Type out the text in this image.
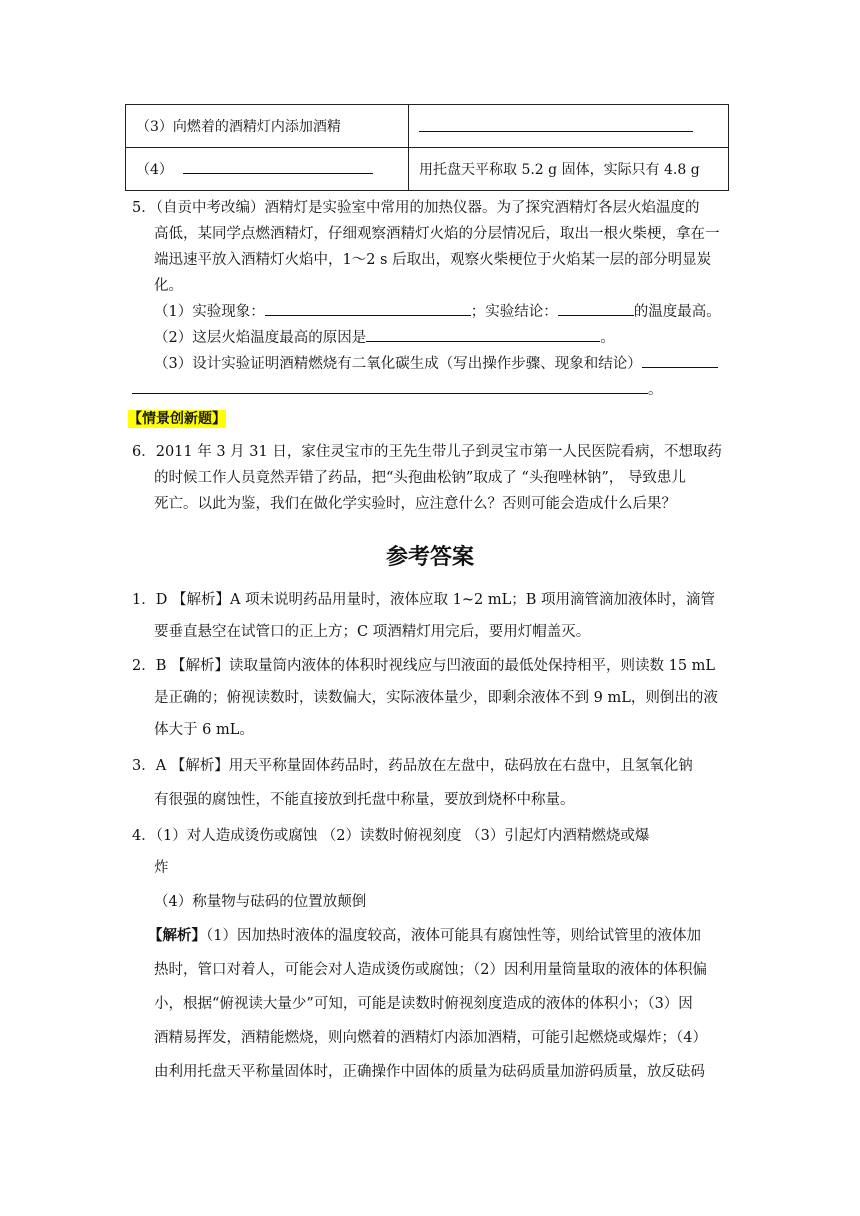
（3）向燃着的酒精灯内添加酒精	
（4）	用托盘天平称取 5.2 g 固体，实际只有 4.8 g
5．（自贡中考改编）酒精灯是实验室中常用的加热仪器。为了探究酒精灯各层火焰温度的
高低，某同学点燃酒精灯，仔细观察酒精灯火焰的分层情况后，取出一根火柴梗，拿在一
端迅速平放入酒精灯火焰中，1～2 s 后取出，观察火柴梗位于火焰某一层的部分明显炭
化。
（1）实验现象：	；实验结论：	的温度最高。
（2）这层火焰温度最高的原因是	。
（3）设计实验证明酒精燃烧有二氧化碳生成（写出操作步骤、现象和结论）
。
【情景创新题】
6．2011 年 3 月 31 日，家住灵宝市的王先生带儿子到灵宝市第一人民医院看病，不想取药
的时候工作人员竟然弄错了药品，把“头孢曲松钠”取成了 “头孢唑林钠”， 导致患儿
死亡。以此为鉴，我们在做化学实验时，应注意什么？否则可能会造成什么后果？
参考答案
1．D 【解析】A 项未说明药品用量时，液体应取 1~2 mL；B 项用滴管滴加液体时，滴管
要垂直悬空在试管口的正上方；C 项酒精灯用完后，要用灯帽盖灭。
2．B 【解析】读取量筒内液体的体积时视线应与凹液面的最低处保持相平，则读数 15 mL
是正确的；俯视读数时，读数偏大，实际液体量少，即剩余液体不到 9 mL，则倒出的液
体大于 6 mL。
3．A 【解析】用天平称量固体药品时，药品放在左盘中，砝码放在右盘中，且氢氧化钠
有很强的腐蚀性，不能直接放到托盘中称量，要放到烧杯中称量。
4．（1）对人造成烫伤或腐蚀 （2）读数时俯视刻度 （3）引起灯内酒精燃烧或爆
炸
（4）称量物与砝码的位置放颠倒
【解析】（1）因加热时液体的温度较高，液体可能具有腐蚀性等，则给试管里的液体加
热时，管口对着人，可能会对人造成烫伤或腐蚀；（2）因利用量筒量取的液体的体积偏
小，根据“俯视读大量少”可知，可能是读数时俯视刻度造成的液体的体积小；（3）因
酒精易挥发，酒精能燃烧，则向燃着的酒精灯内添加酒精，可能引起燃烧或爆炸；（4）
由利用托盘天平称量固体时，正确操作中固体的质量为砝码质量加游码质量，放反砝码
